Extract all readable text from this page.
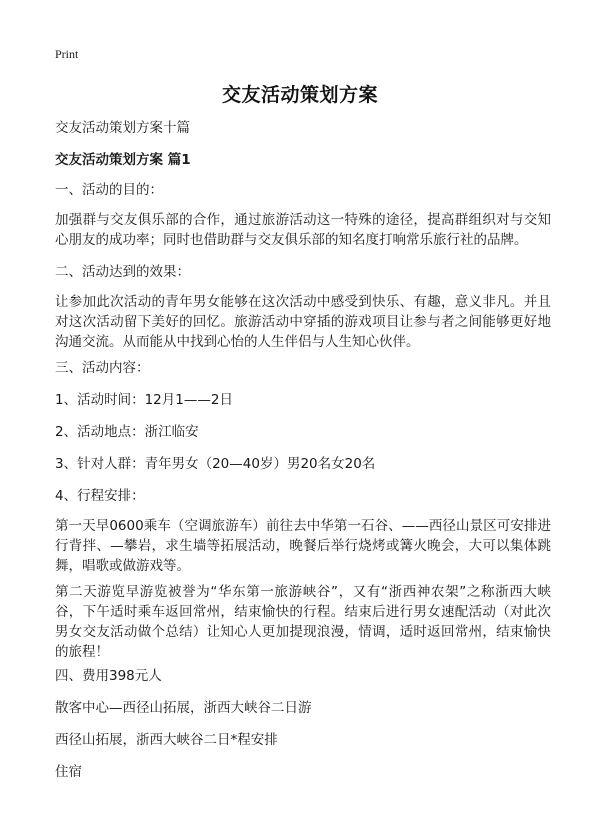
Print
交友活动策划方案
交友活动策划方案十篇
交友活动策划方案 篇1
一、活动的目的：
加强群与交友俱乐部的合作，通过旅游活动这一特殊的途径，提高群组织对与交知心朋友的成功率；同时也借助群与交友俱乐部的知名度打响常乐旅行社的品牌。
二、活动达到的效果：
让参加此次活动的青年男女能够在这次活动中感受到快乐、有趣，意义非凡。并且对这次活动留下美好的回忆。旅游活动中穿插的游戏项目让参与者之间能够更好地沟通交流。从而能从中找到心怡的人生伴侣与人生知心伙伴。
三、活动内容：
1、活动时间：12月1——2日
2、活动地点：浙江临安
3、针对人群：青年男女（20—40岁）男20名女20名
4、行程安排：
第一天早0600乘车（空调旅游车）前往去中华第一石谷、——西径山景区可安排进行背拌、—攀岩，求生墙等拓展活动，晚餐后举行烧烤或篝火晚会，大可以集体跳舞，唱歌或做游戏等。
第二天游览早游览被誉为“华东第一旅游峡谷”，又有“浙西神农架”之称浙西大峡谷，下午适时乘车返回常州，结束愉快的行程。结束后进行男女速配活动（对此次男女交友活动做个总结）让知心人更加提现浪漫，情调，适时返回常州，结束愉快的旅程！
四、费用398元人
散客中心—西径山拓展，浙西大峡谷二日游
西径山拓展，浙西大峡谷二日*程安排
住宿
